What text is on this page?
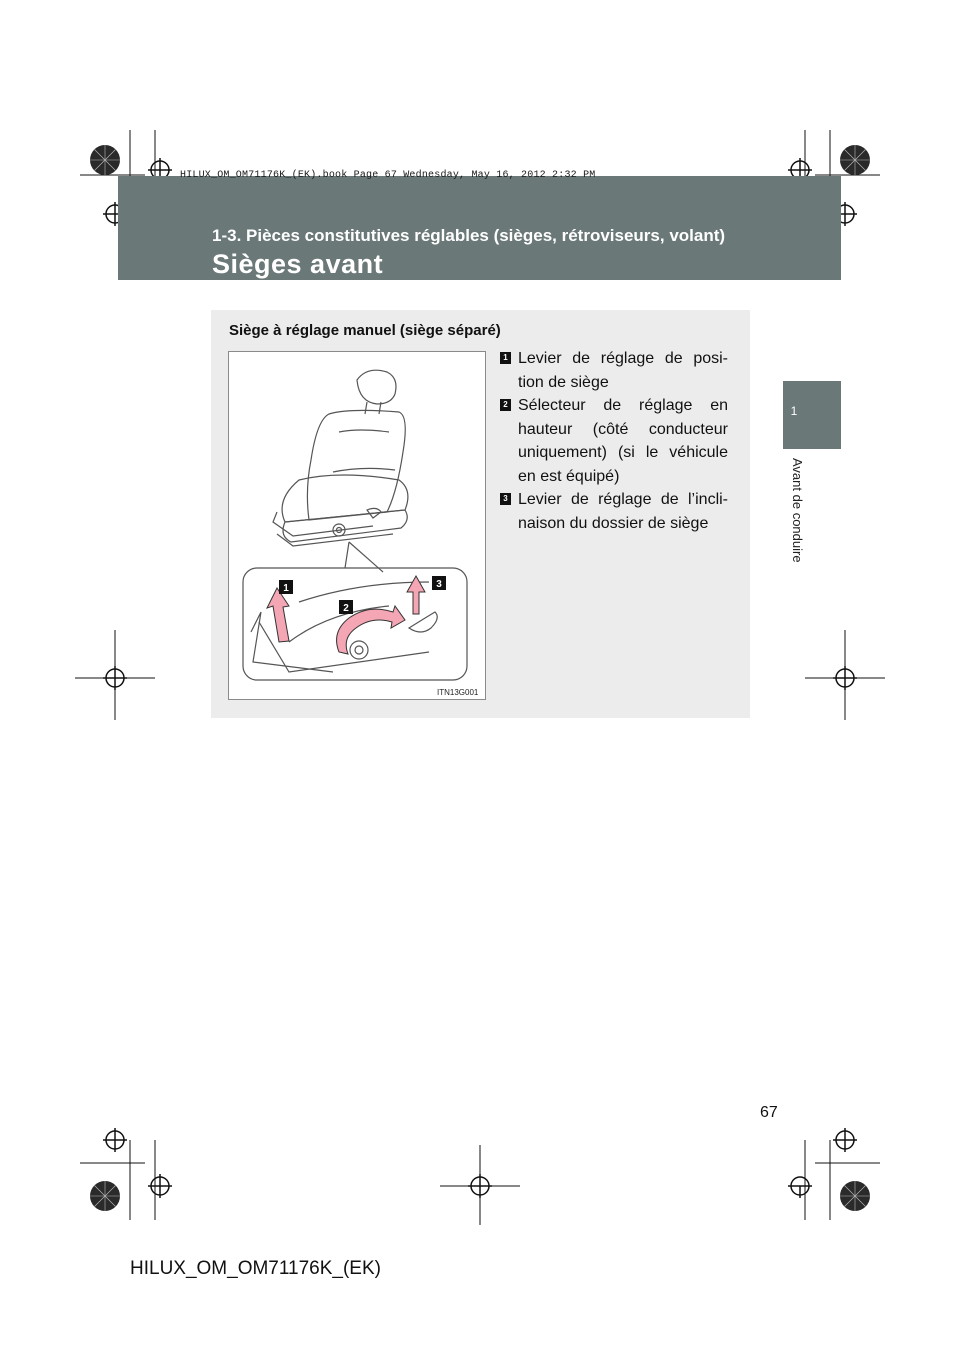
HILUX_OM_OM71176K_(EK).book Page 67 Wednesday, May 16, 2012 2:32 PM
1-3. Pièces constitutives réglables (sièges, rétroviseurs, volant)
Sièges avant
1
Avant de conduire
Siège à réglage manuel (siège séparé)
1
2
3
ITN13G001
1 Levier de réglage de posi-tion de siège
2 Sélecteur de réglage en hauteur (côté conducteur uniquement) (si le véhicule en est équipé)
3 Levier de réglage de l’incli-naison du dossier de siège
67
HILUX_OM_OM71176K_(EK)
